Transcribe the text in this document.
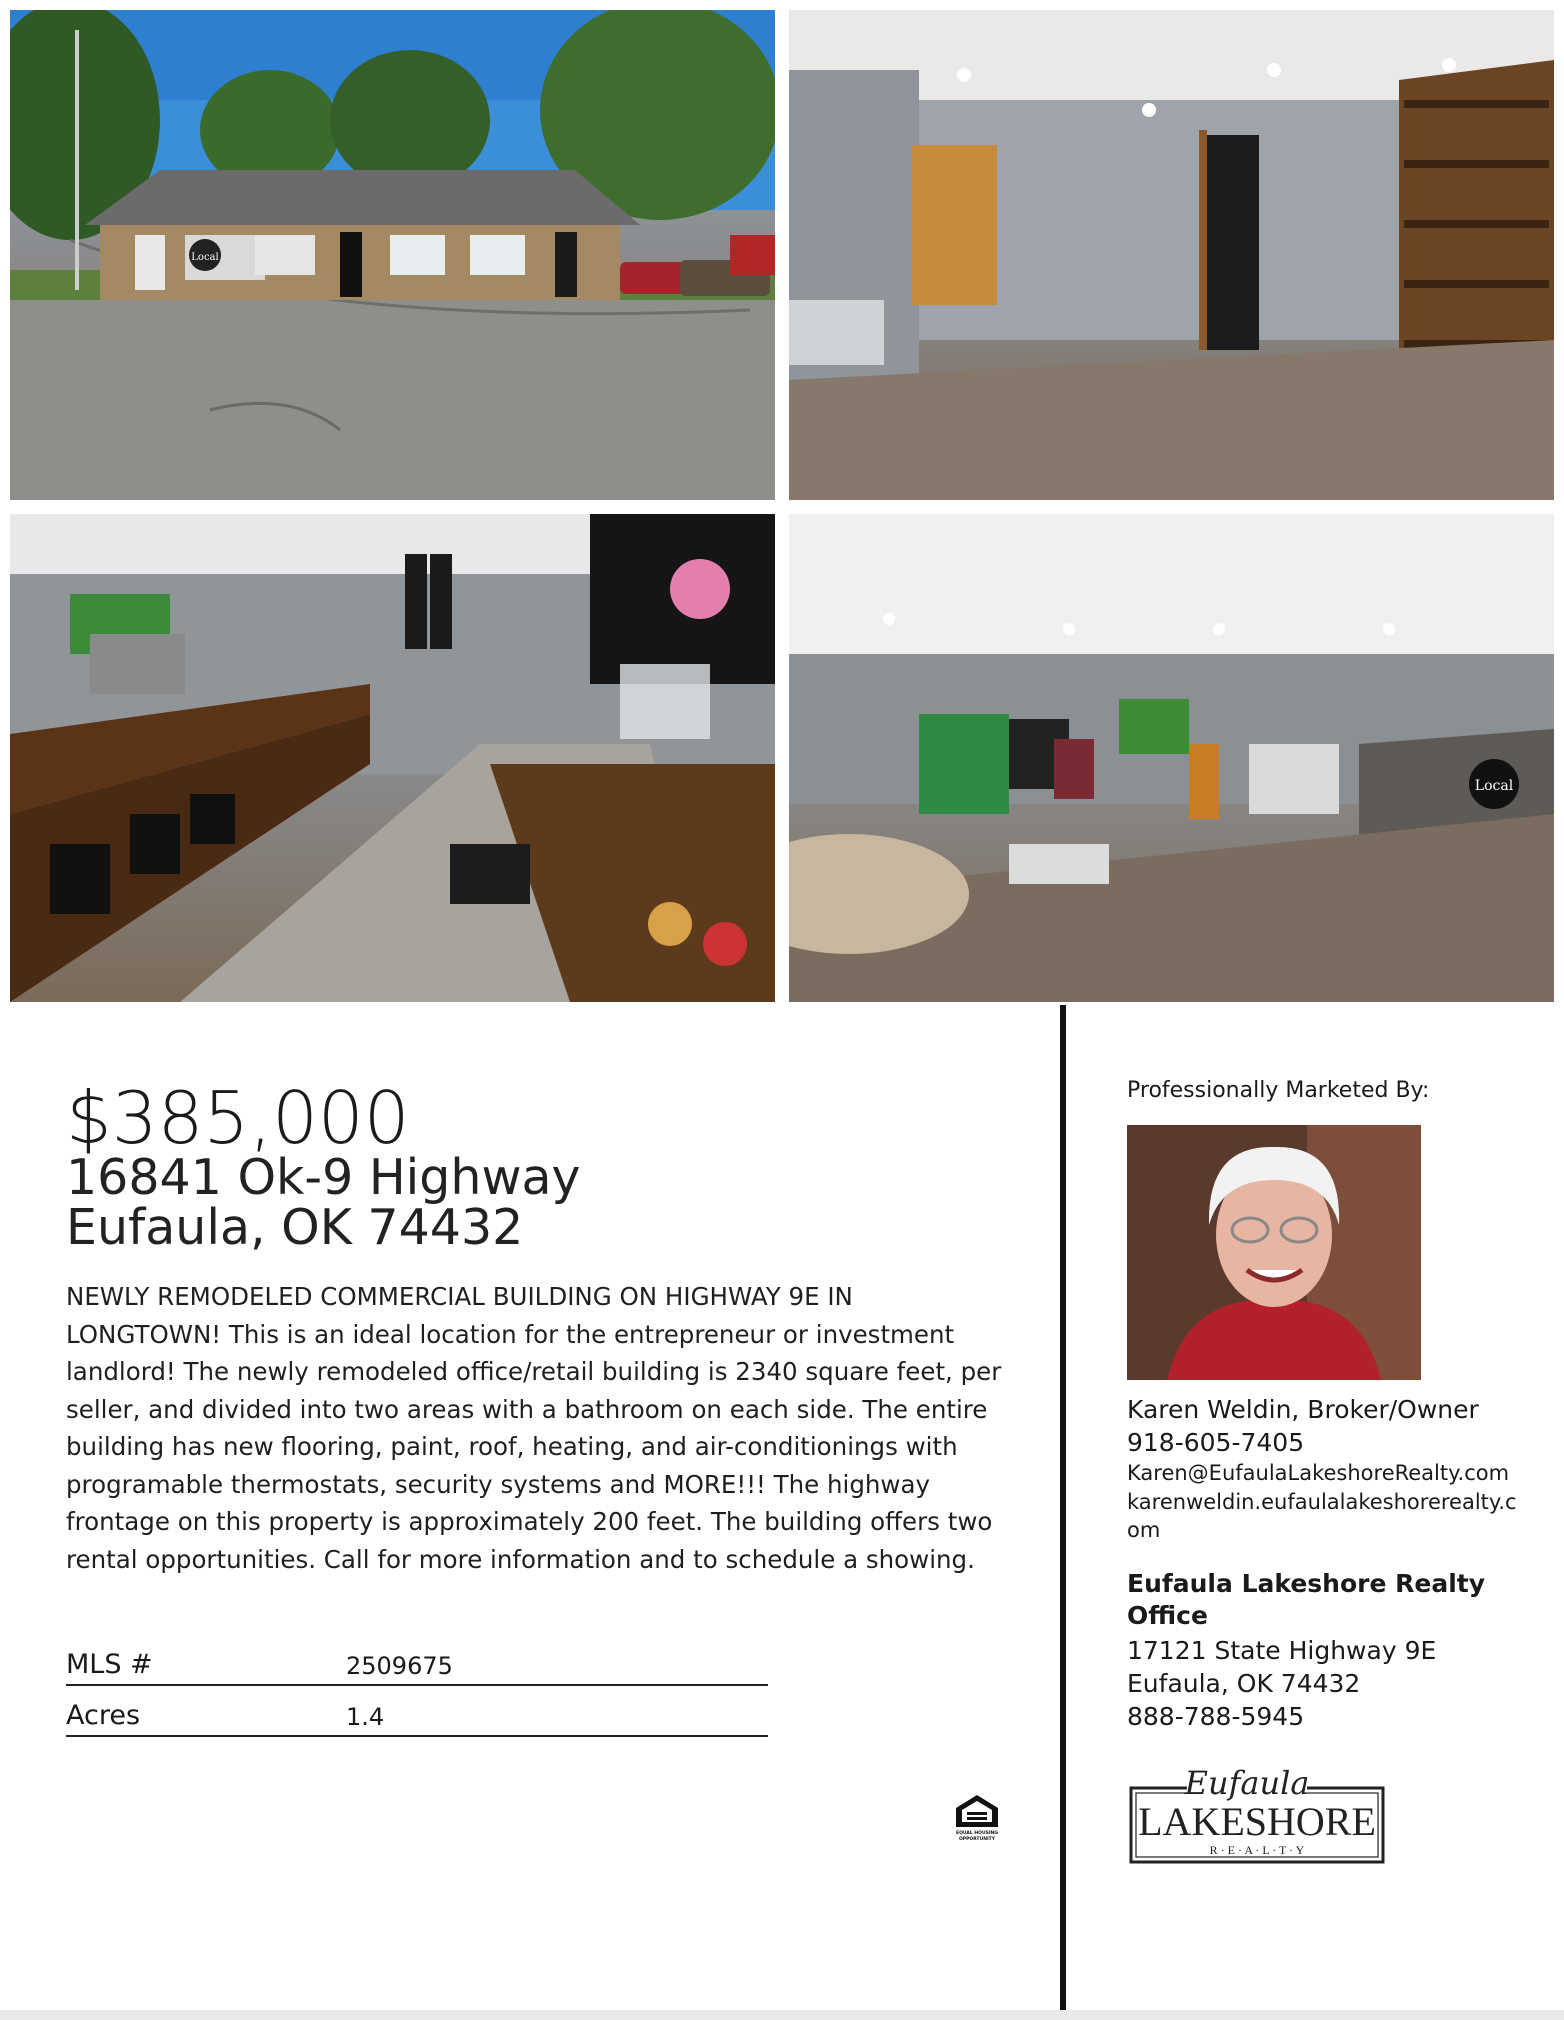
Local
Local
$385,000
16841 Ok-9 Highway
Eufaula, OK 74432
NEWLY REMODELED COMMERCIAL BUILDING ON HIGHWAY 9E IN LONGTOWN! This is an ideal location for the entrepreneur or investment landlord! The newly remodeled office/retail building is 2340 square feet, per seller, and divided into two areas with a bathroom on each side. The entire building has new flooring, paint, roof, heating, and air-conditionings with programable thermostats, security systems and MORE!!! The highway frontage on this property is approximately 200 feet. The building offers two rental opportunities. Call for more information and to schedule a showing.
MLS #	2509675
Acres	1.4
EQUAL HOUSING
OPPORTUNITY
Professionally Marketed By:
Karen Weldin, Broker/Owner
918-605-7405
Karen@EufaulaLakeshoreRealty.com
karenweldin.eufaulalakeshorerealty.com
Eufaula Lakeshore Realty Office
17121 State Highway 9E
Eufaula, OK 74432
888-788-5945
Eufaula
LAKESHORE
R · E · A · L · T · Y
